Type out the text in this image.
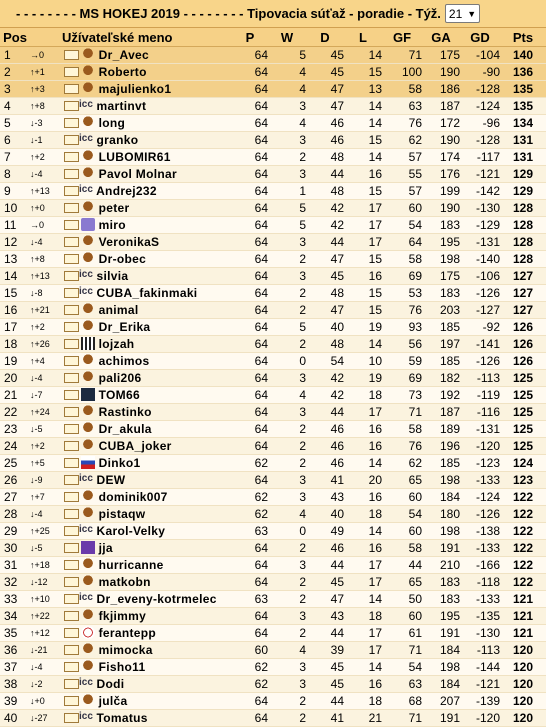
- - - - - - - - MS HOKEJ 2019 - - - - - - - - Tipovacia súťaž - poradie - Týž. 21 ▼
Pos		Užívateľské meno	P	W	D	L	GF	GA	GD	Pts
1	→0	Dr_Avec	64	5	45	14	71	175	-104	140
2	↑+1	Roberto	64	4	45	15	100	190	-90	136
3	↑+3	majulienko1	64	4	47	13	58	186	-128	135
4	↑+8	icc martinvt	64	3	47	14	63	187	-124	135
5	↓-3	long	64	4	46	14	76	172	-96	134
6	↓-1	icc granko	64	3	46	15	62	190	-128	131
7	↑+2	LUBOMIR61	64	2	48	14	57	174	-117	131
8	↓-4	Pavol Molnar	64	3	44	16	55	176	-121	129
9	↑+13	icc Andrej232	64	1	48	15	57	199	-142	129
10	↑+0	peter	64	5	42	17	60	190	-130	128
11	→0	miro	64	5	42	17	54	183	-129	128
12	↓-4	VeronikaS	64	3	44	17	64	195	-131	128
13	↑+8	Dr-obec	64	2	47	15	58	198	-140	128
14	↑+13	icc silvia	64	3	45	16	69	175	-106	127
15	↓-8	icc CUBA_fakinmaki	64	2	48	15	53	183	-126	127
16	↑+21	animal	64	2	47	15	76	203	-127	127
17	↑+2	Dr_Erika	64	5	40	19	93	185	-92	126
18	↑+26	lojzah	64	2	48	14	56	197	-141	126
19	↑+4	achimos	64	0	54	10	59	185	-126	126
20	↓-4	pali206	64	3	42	19	69	182	-113	125
21	↓-7	TOM66	64	4	42	18	73	192	-119	125
22	↑+24	Rastinko	64	3	44	17	71	187	-116	125
23	↓-5	Dr_akula	64	2	46	16	58	189	-131	125
24	↑+2	CUBA_joker	64	2	46	16	76	196	-120	125
25	↑+5	Dinko1	62	2	46	14	62	185	-123	124
26	↓-9	icc DEW	64	3	41	20	65	198	-133	123
27	↑+7	dominik007	62	3	43	16	60	184	-124	122
28	↓-4	pistaqw	62	4	40	18	54	180	-126	122
29	↑+25	icc Karol-Velky	63	0	49	14	60	198	-138	122
30	↓-5	jja	64	2	46	16	58	191	-133	122
31	↑+18	hurricanne	64	3	44	17	44	210	-166	122
32	↓-12	matkobn	64	2	45	17	65	183	-118	122
33	↑+10	icc Dr_eveny-kotrmelec	63	2	47	14	50	183	-133	121
34	↑+22	fkjimmy	64	3	43	18	60	195	-135	121
35	↑+12	ferantepp	64	2	44	17	61	191	-130	121
36	↓-21	mimocka	60	4	39	17	71	184	-113	120
37	↓-4	Fisho11	62	3	45	14	54	198	-144	120
38	↓-2	icc Dodi	62	3	45	16	63	184	-121	120
39	↓+0	julča	64	2	44	18	68	207	-139	120
40	↓-27	icc Tomatus	64	2	41	21	71	191	-120	120
